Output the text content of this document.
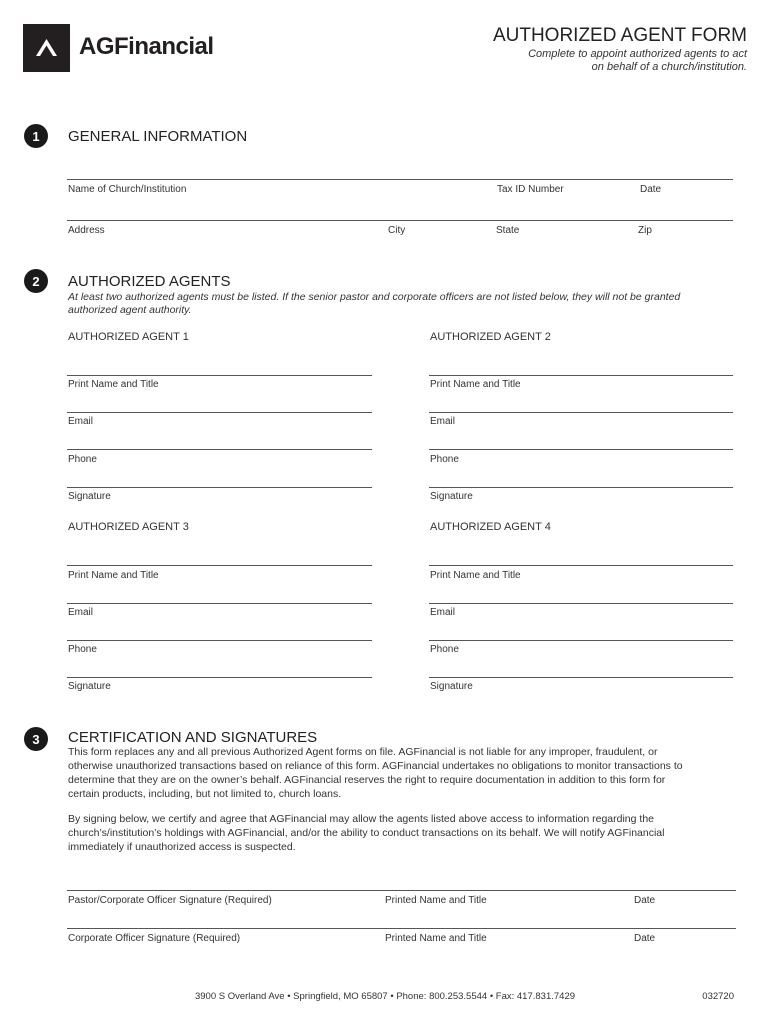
AGFinancial	AUTHORIZED AGENT FORM
Complete to appoint authorized agents to act
on behalf of a church/institution.
1	GENERAL INFORMATION
Name of Church/Institution	Tax ID Number	Date
Address	City	State	Zip
2	AUTHORIZED AGENTS
At least two authorized agents must be listed. If the senior pastor and corporate officers are not listed below, they will not be granted
authorized agent authority.
AUTHORIZED AGENT 1
Print Name and Title
Email
Phone
Signature
AUTHORIZED AGENT 2
Print Name and Title
Email
Phone
Signature
AUTHORIZED AGENT 3
Print Name and Title
Email
Phone
Signature
AUTHORIZED AGENT 4
Print Name and Title
Email
Phone
Signature
3	CERTIFICATION AND SIGNATURES
This form replaces any and all previous Authorized Agent forms on file. AGFinancial is not liable for any improper, fraudulent, or
otherwise unauthorized transactions based on reliance of this form. AGFinancial undertakes no obligations to monitor transactions to
determine that they are on the owner’s behalf. AGFinancial reserves the right to require documentation in addition to this form for
certain products, including, but not limited to, church loans.
By signing below, we certify and agree that AGFinancial may allow the agents listed above access to information regarding the
church’s/institution’s holdings with AGFinancial, and/or the ability to conduct transactions on its behalf. We will notify AGFinancial
immediately if unauthorized access is suspected.
Pastor/Corporate Officer Signature (Required)	Printed Name and Title	Date
Corporate Officer Signature (Required)	Printed Name and Title	Date
3900 S Overland Ave • Springfield, MO 65807 • Phone: 800.253.5544 • Fax: 417.831.7429	032720
